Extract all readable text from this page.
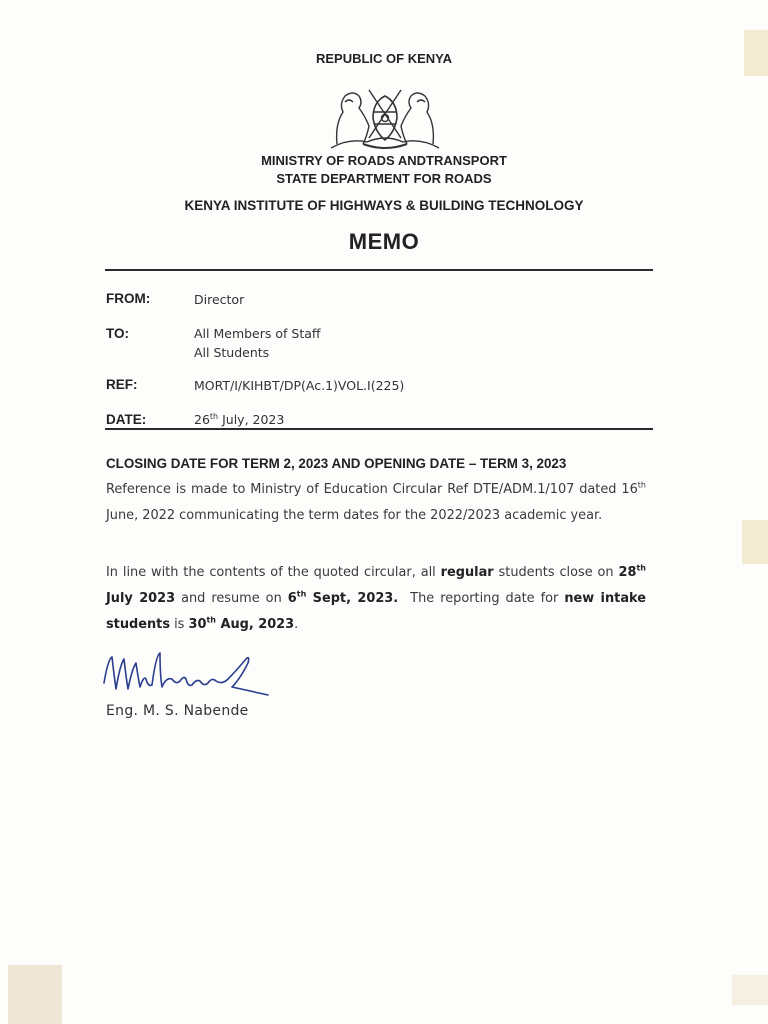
REPUBLIC OF KENYA
MINISTRY OF ROADS ANDTRANSPORT
STATE DEPARTMENT FOR ROADS
KENYA INSTITUTE OF HIGHWAYS & BUILDING TECHNOLOGY
MEMO
FROM:	Director
TO:	All Members of Staff
All Students
REF:	MORT/I/KIHBT/DP(Ac.1)VOL.I(225)
DATE:	26th July, 2023
CLOSING DATE FOR TERM 2, 2023 AND OPENING DATE – TERM 3, 2023
Reference is made to Ministry of Education Circular Ref DTE/ADM.1/107 dated 16th June, 2022 communicating the term dates for the 2022/2023 academic year.
In line with the contents of the quoted circular, all regular students close on 28th July 2023 and resume on 6th Sept, 2023.  The reporting date for new intake students is 30th Aug, 2023.
Eng. M. S. Nabende
